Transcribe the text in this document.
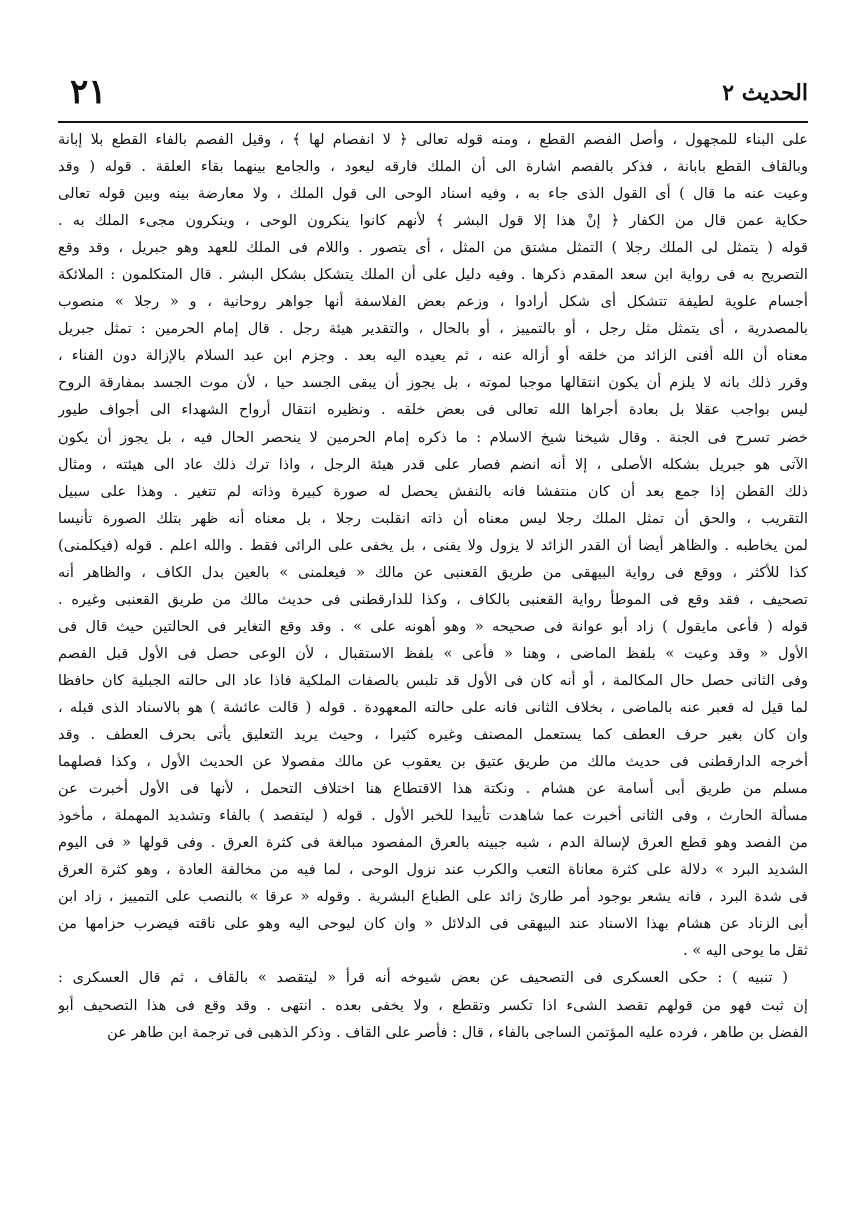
الحديث ٢
٢١
على البناء للمجهول ، وأصل الفصم القطع ، ومنه قوله تعالى ﴿ لا انفصام لها ﴾ ، وقيل الفصم بالفاء القطع بلا إبانة
وبالقاف القطع بابانة ، فذكر بالفصم اشارة الى أن الملك فارقه ليعود ، والجامع بينهما بقاء العلقة . قوله ( وقد
وعيت عنه ما قال ) أى القول الذى جاء به ، وفيه اسناد الوحى الى قول الملك ، ولا معارضة بينه وبين قوله تعالى
حكاية عمن قال من الكفار ﴿ إنْ هذا إلا قول البشر ﴾ لأنهم كانوا ينكرون الوحى ، وينكرون مجىء الملك به .
قوله ( يتمثل لى الملك رجلا ) التمثل مشتق من المثل ، أى يتصور . واللام فى الملك للعهد وهو جبريل ، وقد وقع
التصريح به فى رواية ابن سعد المقدم ذكرها . وفيه دليل على أن الملك يتشكل بشكل البشر . قال المتكلمون : الملائكة
أجسام علوية لطيفة تتشكل أى شكل أرادوا ، وزعم بعض الفلاسفة أنها جواهر روحانية ، و « رجلا » منصوب
بالمصدرية ، أى يتمثل مثل رجل ، أو بالتمييز ، أو بالحال ، والتقدير هيئة رجل . قال إمام الحرمين : تمثل جبريل
معناه أن الله أفنى الزائد من خلقه أو أزاله عنه ، ثم يعيده اليه بعد . وجزم ابن عبد السلام بالإزالة دون الفناء ،
وقرر ذلك بانه لا يلزم أن يكون انتقالها موجبا لموته ، بل يجوز أن يبقى الجسد حيا ، لأن موت الجسد بمفارقة الروح
ليس بواجب عقلا بل بعادة أجراها الله تعالى فى بعض خلقه . ونظيره انتقال أرواح الشهداء الى أجواف طيور
خضر تسرح فى الجنة . وقال شيخنا شيخ الاسلام : ما ذكره إمام الحرمين لا ينحصر الحال فيه ، بل يجوز أن يكون
الآتى هو جبريل بشكله الأصلى ، إلا أنه انضم فصار على قدر هيئة الرجل ، واذا ترك ذلك عاد الى هيئته ، ومثال
ذلك القطن إذا جمع بعد أن كان منتفشا فانه بالنفش يحصل له صورة كبيرة وذاته لم تتغير . وهذا على سبيل
التقريب ، والحق أن تمثل الملك رجلا ليس معناه أن ذاته انقلبت رجلا ، بل معناه أنه ظهر بتلك الصورة تأنيسا
لمن يخاطبه . والظاهر أيضا أن القدر الزائد لا يزول ولا يفنى ، بل يخفى على الرائى فقط . والله اعلم . قوله (فيكلمنى)
كذا للأكثر ، ووقع فى رواية البيهقى من طريق القعنبى عن مالك « فيعلمنى » بالعين بدل الكاف ، والظاهر أنه
تصحيف ، فقد وقع فى الموطأ رواية القعنبى بالكاف ، وكذا للدارقطنى فى حديث مالك من طريق القعنبى وغيره .
قوله ( فأعى مايقول ) زاد أبو عوانة فى صحيحه « وهو أهونه على » . وقد وقع التغاير فى الحالتين حيث قال فى
الأول « وقد وعيت » بلفظ الماضى ، وهنا « فأعى » بلفظ الاستقبال ، لأن الوعى حصل فى الأول قبل الفصم
وفى الثانى حصل حال المكالمة ، أو أنه كان فى الأول قد تلبس بالصفات الملكية فاذا عاد الى حالته الجبلية كان حافظا
لما قيل له فعبر عنه بالماضى ، بخلاف الثانى فانه على حالته المعهودة . قوله ( قالت عائشة ) هو بالاسناد الذى قبله ،
وان كان بغير حرف العطف كما يستعمل المصنف وغيره كثيرا ، وحيث يريد التعليق يأتى بحرف العطف . وقد
أخرجه الدارقطنى فى حديث مالك من طريق عتيق بن يعقوب عن مالك مفصولا عن الحديث الأول ، وكذا فصلهما
مسلم من طريق أبى أسامة عن هشام . ونكتة هذا الاقتطاع هنا اختلاف التحمل ، لأنها فى الأول أخبرت عن
مسألة الحارث ، وفى الثانى أخبرت عما شاهدت تأييدا للخبر الأول . قوله ( ليتفصد ) بالفاء وتشديد المهملة ، مأخوذ
من الفصد وهو قطع العرق لإسالة الدم ، شبه جبينه بالعرق المفصود مبالغة فى كثرة العرق . وفى قولها « فى اليوم
الشديد البرد » دلالة على كثرة معاناة التعب والكرب عند نزول الوحى ، لما فيه من مخالفة العادة ، وهو كثرة العرق
فى شدة البرد ، فانه يشعر بوجود أمر طارئ زائد على الطباع البشرية . وقوله « عرقا » بالنصب على التمييز ، زاد ابن
أبى الزناد عن هشام بهذا الاسناد عند البيهقى فى الدلائل « وان كان ليوحى اليه وهو على ناقته فيضرب حزامها من
ثقل ما يوحى اليه » .
( تنبيه ) : حكى العسكرى فى التصحيف عن بعض شيوخه أنه قرأ « ليتقصد » بالقاف ، ثم قال العسكرى :
إن ثبت فهو من قولهم تقصد الشىء اذا تكسر وتقطع ، ولا يخفى بعده . انتهى . وقد وقع فى هذا التصحيف أبو
الفضل بن طاهر ، فرده عليه المؤتمن الساجى بالفاء ، قال : فأصر على القاف . وذكر الذهبى فى ترجمة ابن طاهر عن
